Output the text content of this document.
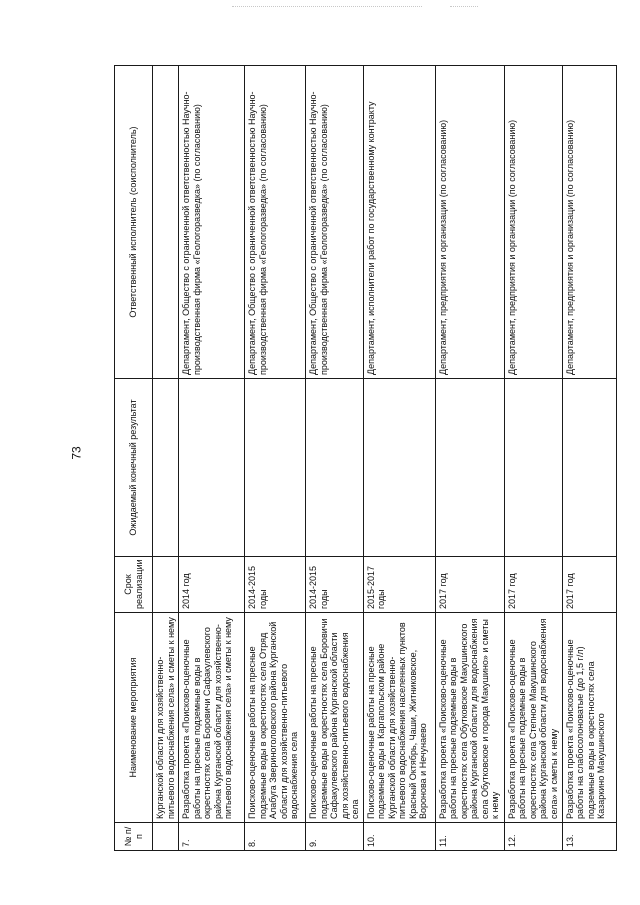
73
№ п/п	Наименование мероприятия	Срок реализации	Ожидаемый конечный результат	Ответственный исполнитель (соисполнитель)
	Курганской области для хозяйственно-питьевого водоснабжения села» и сметы к нему			
7.	Разработка проекта «Поисково-оценочные работы на пресные подземные воды в окрестностях села Боровичи Сафакулевского района Курганской области для хозяйственно-питьевого водоснабжения села» и сметы к нему	2014 год		Департамент, Общество с ограниченной ответственностью Научно-производственная фирма «Геологоразведка» (по согласованию)
8.	Поисково-оценочные работы на пресные подземные воды в окрестностях села Отряд Алабуга Звериноголовского района Курганской области для хозяйственно-питьевого водоснабжения села	2014-2015 годы		Департамент, Общество с ограниченной ответственностью Научно-производственная фирма «Геологоразведка» (по согласованию)
9.	Поисково-оценочные работы на пресные подземные воды в окрестностях села Боровичи Сафакулевского района Курганской области для хозяйственно-питьевого водоснабжения села	2014-2015 годы		Департамент, Общество с ограниченной ответственностью Научно-производственная фирма «Геологоразведка» (по согласованию)
10.	Поисково-оценочные работы на пресные подземные воды в Каргапольском районе Курганской области для хозяйственно-питьевого водоснабжения населенных пунктов Красный Октябрь, Чаши, Житниковское, Воронова и Нечунаево	2015-2017 годы		Департамент, исполнители работ по государственному контракту
11.	Разработка проекта «Поисково-оценочные работы на пресные подземные воды в окрестностях села Обутковское Макушинского района Курганской области для водоснабжения села Обутковское и города Макушино» и сметы к нему	2017 год		Департамент, предприятия и организации (по согласованию)
12.	Разработка проекта «Поисково-оценочные работы на пресные подземные воды в окрестностях села Степное Макушинского района Курганской области для водоснабжения села» и сметы к нему	2017 год		Департамент, предприятия и организации (по согласованию)
13.	Разработка проекта «Поисково-оценочные работы на слабосолоноватые (до 1,5 г/л) подземные воды в окрестностях села Казаркино Макушинского	2017 год		Департамент, предприятия и организации (по согласованию)
